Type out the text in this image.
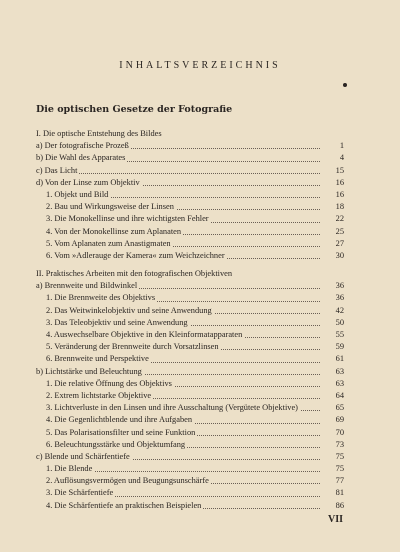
INHALTSVERZEICHNIS
Die optischen Gesetze der Fotografie
I. Die optische Entstehung des Bildes
a) Der fotografische Prozeß	1
b) Die Wahl des Apparates	4
c) Das Licht	15
d) Von der Linse zum Objektiv	16
1. Objekt und Bild	16
2. Bau und Wirkungsweise der Linsen	18
3. Die Monokellinse und ihre wichtigsten Fehler	22
4. Von der Monokellinse zum Aplanaten	25
5. Vom Aplanaten zum Anastigmaten	27
6. Vom »Adlerauge der Kamera« zum Weichzeichner	30
II. Praktisches Arbeiten mit den fotografischen Objektiven
a) Brennweite und Bildwinkel	36
1. Die Brennweite des Objektivs	36
2. Das Weitwinkelobjektiv und seine Anwendung	42
3. Das Teleobjektiv und seine Anwendung	50
4. Auswechselbare Objektive in den Kleinformatapparaten	55
5. Veränderung der Brennweite durch Vorsatzlinsen	59
6. Brennweite und Perspektive	61
b) Lichtstärke und Beleuchtung	63
1. Die relative Öffnung des Objektivs	63
2. Extrem lichtstarke Objektive	64
3. Lichtverluste in den Linsen und ihre Ausschaltung (Vergütete Objektive)	65
4. Die Gegenlichtblende und ihre Aufgaben	69
5. Das Polarisationsfilter und seine Funktion	70
6. Beleuchtungsstärke und Objektumfang	73
c) Blende und Schärfentiefe	75
1. Die Blende	75
2. Auflösungsvermögen und Beugungsunschärfe	77
3. Die Schärfentiefe	81
4. Die Schärfentiefe an praktischen Beispielen	86
VII
